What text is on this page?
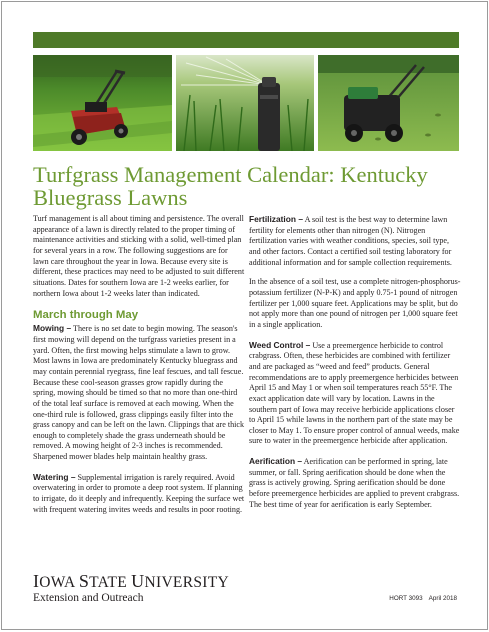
Turfgrass Management Calendar: Kentucky Bluegrass Lawns

Turf management is all about timing and persistence. The overall appearance of a lawn is directly related to the proper timing of maintenance activities and sticking with a solid, well-timed plan for several years in a row. The following suggestions are for lawn care throughout the year in Iowa. Because every site is different, these practices may need to be adjusted to suit different situations. Dates for southern Iowa are 1-2 weeks earlier, for northern Iowa about 1-2 weeks later than indicated.

March through May

Mowing – There is no set date to begin mowing. The season's first mowing will depend on the turfgrass varieties present in a yard. Often, the first mowing helps stimulate a lawn to grow. Most lawns in Iowa are predominately Kentucky bluegrass and may contain perennial ryegrass, fine leaf fescues, and tall fescue. Because these cool-season grasses grow rapidly during the spring, mowing should be timed so that no more than one-third of the total leaf surface is removed at each mowing. When the one-third rule is followed, grass clippings easily filter into the grass canopy and can be left on the lawn. Clippings that are thick enough to completely shade the grass underneath should be removed. A mowing height of 2-3 inches is recommended. Sharpened mower blades help maintain healthy grass.

Watering – Supplemental irrigation is rarely required. Avoid overwatering in order to promote a deep root system. If planning to irrigate, do it deeply and infrequently. Keeping the surface wet with frequent watering invites weeds and results in poor rooting.

Fertilization – A soil test is the best way to determine lawn fertility for elements other than nitrogen (N). Nitrogen fertilization varies with weather conditions, species, soil type, and other factors. Contact a certified soil testing laboratory for additional information and for sample collection requirements.

In the absence of a soil test, use a complete nitrogen-phosphorus-potassium fertilizer (N-P-K) and apply 0.75-1 pound of nitrogen fertilizer per 1,000 square feet. Applications may be split, but do not apply more than one pound of nitrogen per 1,000 square feet in a single application.

Weed Control – Use a preemergence herbicide to control crabgrass. Often, these herbicides are combined with fertilizer and are packaged as “weed and feed” products. General recommendations are to apply preemergence herbicides between April 15 and May 1 or when soil temperatures reach 55°F. The exact application date will vary by location. Lawns in the southern part of Iowa may receive herbicide applications closer to April 15 while lawns in the northern part of the state may be closer to May 1. To ensure proper control of annual weeds, make sure to water in the preemergence herbicide after application.

Aerification – Aerification can be performed in spring, late summer, or fall. Spring aerification should be done when the grass is actively growing. Spring aerification should be done before preemergence herbicides are applied to prevent crabgrass. The best time of year for aerification is early September.

IOWA STATE UNIVERSITY
Extension and Outreach	HORT 3093 April 2018
